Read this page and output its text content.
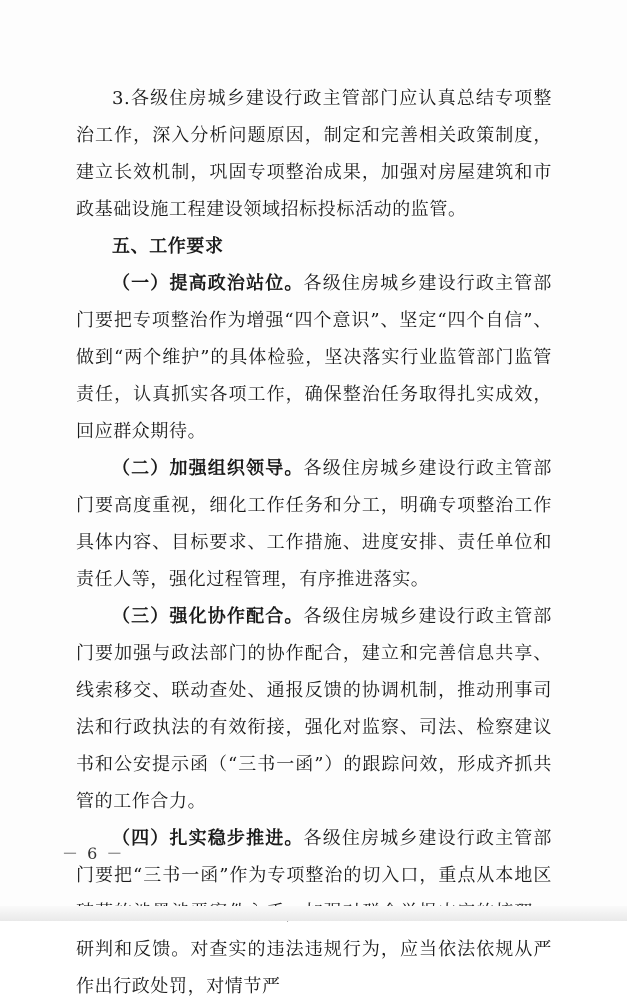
3.各级住房城乡建设行政主管部门应认真总结专项整治工作，深入分析问题原因，制定和完善相关政策制度，建立长效机制，巩固专项整治成果，加强对房屋建筑和市政基础设施工程建设领域招标投标活动的监管。

五、工作要求

（一）提高政治站位。各级住房城乡建设行政主管部门要把专项整治作为增强“四个意识”、坚定“四个自信”、做到“两个维护”的具体检验，坚决落实行业监管部门监管责任，认真抓实各项工作，确保整治任务取得扎实成效，回应群众期待。

（二）加强组织领导。各级住房城乡建设行政主管部门要高度重视，细化工作任务和分工，明确专项整治工作具体内容、目标要求、工作措施、进度安排、责任单位和责任人等，强化过程管理，有序推进落实。

（三）强化协作配合。各级住房城乡建设行政主管部门要加强与政法部门的协作配合，建立和完善信息共享、线索移交、联动查处、通报反馈的协调机制，推动刑事司法和行政执法的有效衔接，强化对监察、司法、检察建议书和公安提示函（“三书一函”）的跟踪问效，形成齐抓共管的工作合力。

（四）扎实稳步推进。各级住房城乡建设行政主管部门要把“三书一函”作为专项整治的切入口，重点从本地区 研判和反馈。对查实的违法违规行为，应当依法依规从严作出行政处罚，对情节严

－ 6 －
